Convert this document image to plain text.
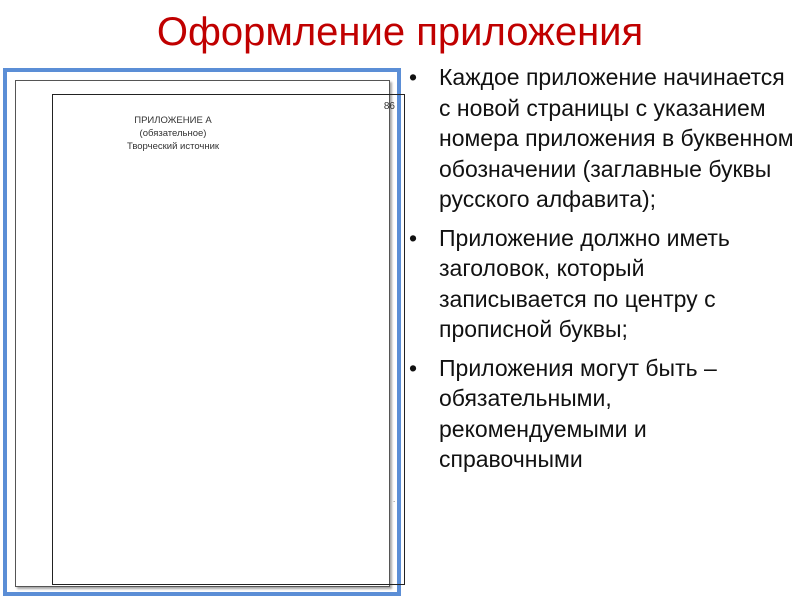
Оформление приложения
86
ПРИЛОЖЕНИЕ А
(обязательное)
Творческий источник
.
• Каждое приложение начинается с новой страницы с указанием номера приложения в буквенном обозначении (заглавные буквы русского алфавита);
• Приложение должно иметь заголовок, который записывается по центру с прописной буквы;
• Приложения могут быть – обязательными, рекомендуемыми и справочными
